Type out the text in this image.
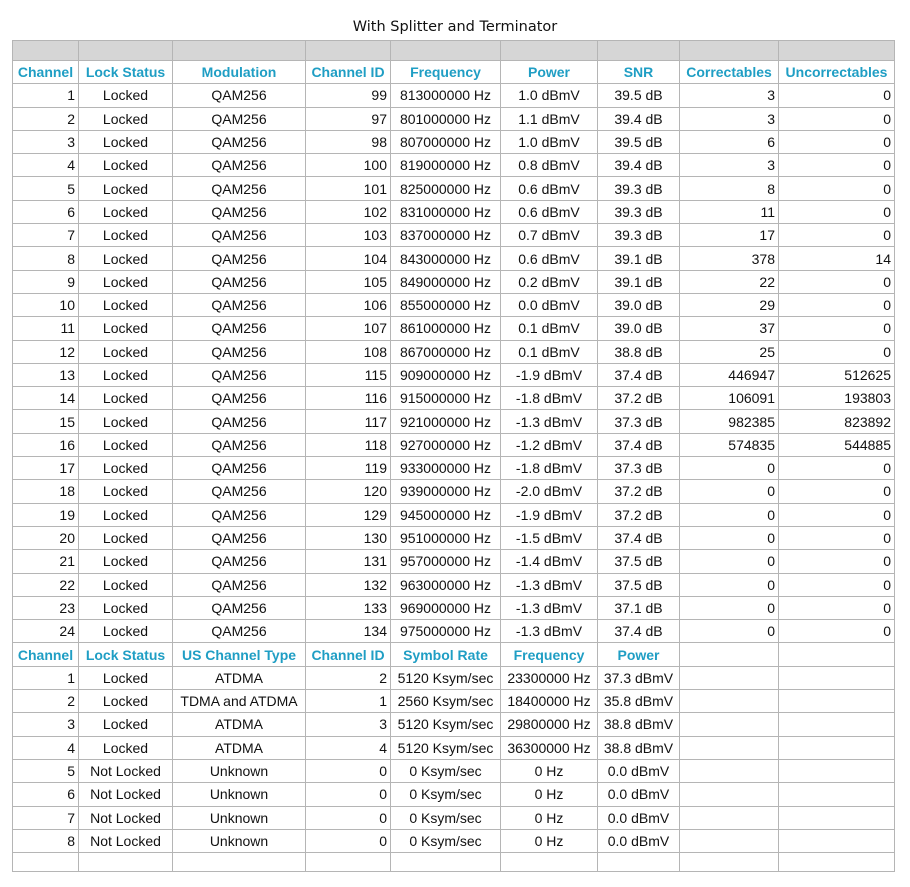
With Splitter and Terminator

Channel	Lock Status	Modulation	Channel ID	Frequency	Power	SNR	Correctables	Uncorrectables
1	Locked	QAM256	99	813000000 Hz	1.0 dBmV	39.5 dB	3	0
2	Locked	QAM256	97	801000000 Hz	1.1 dBmV	39.4 dB	3	0
3	Locked	QAM256	98	807000000 Hz	1.0 dBmV	39.5 dB	6	0
4	Locked	QAM256	100	819000000 Hz	0.8 dBmV	39.4 dB	3	0
5	Locked	QAM256	101	825000000 Hz	0.6 dBmV	39.3 dB	8	0
6	Locked	QAM256	102	831000000 Hz	0.6 dBmV	39.3 dB	11	0
7	Locked	QAM256	103	837000000 Hz	0.7 dBmV	39.3 dB	17	0
8	Locked	QAM256	104	843000000 Hz	0.6 dBmV	39.1 dB	378	14
9	Locked	QAM256	105	849000000 Hz	0.2 dBmV	39.1 dB	22	0
10	Locked	QAM256	106	855000000 Hz	0.0 dBmV	39.0 dB	29	0
11	Locked	QAM256	107	861000000 Hz	0.1 dBmV	39.0 dB	37	0
12	Locked	QAM256	108	867000000 Hz	0.1 dBmV	38.8 dB	25	0
13	Locked	QAM256	115	909000000 Hz	-1.9 dBmV	37.4 dB	446947	512625
14	Locked	QAM256	116	915000000 Hz	-1.8 dBmV	37.2 dB	106091	193803
15	Locked	QAM256	117	921000000 Hz	-1.3 dBmV	37.3 dB	982385	823892
16	Locked	QAM256	118	927000000 Hz	-1.2 dBmV	37.4 dB	574835	544885
17	Locked	QAM256	119	933000000 Hz	-1.8 dBmV	37.3 dB	0	0
18	Locked	QAM256	120	939000000 Hz	-2.0 dBmV	37.2 dB	0	0
19	Locked	QAM256	129	945000000 Hz	-1.9 dBmV	37.2 dB	0	0
20	Locked	QAM256	130	951000000 Hz	-1.5 dBmV	37.4 dB	0	0
21	Locked	QAM256	131	957000000 Hz	-1.4 dBmV	37.5 dB	0	0
22	Locked	QAM256	132	963000000 Hz	-1.3 dBmV	37.5 dB	0	0
23	Locked	QAM256	133	969000000 Hz	-1.3 dBmV	37.1 dB	0	0
24	Locked	QAM256	134	975000000 Hz	-1.3 dBmV	37.4 dB	0	0
Channel	Lock Status	US Channel Type	Channel ID	Symbol Rate	Frequency	Power		
1	Locked	ATDMA	2	5120 Ksym/sec	23300000 Hz	37.3 dBmV		
2	Locked	TDMA and ATDMA	1	2560 Ksym/sec	18400000 Hz	35.8 dBmV		
3	Locked	ATDMA	3	5120 Ksym/sec	29800000 Hz	38.8 dBmV		
4	Locked	ATDMA	4	5120 Ksym/sec	36300000 Hz	38.8 dBmV		
5	Not Locked	Unknown	0	0 Ksym/sec	0 Hz	0.0 dBmV		
6	Not Locked	Unknown	0	0 Ksym/sec	0 Hz	0.0 dBmV		
7	Not Locked	Unknown	0	0 Ksym/sec	0 Hz	0.0 dBmV		
8	Not Locked	Unknown	0	0 Ksym/sec	0 Hz	0.0 dBmV		
